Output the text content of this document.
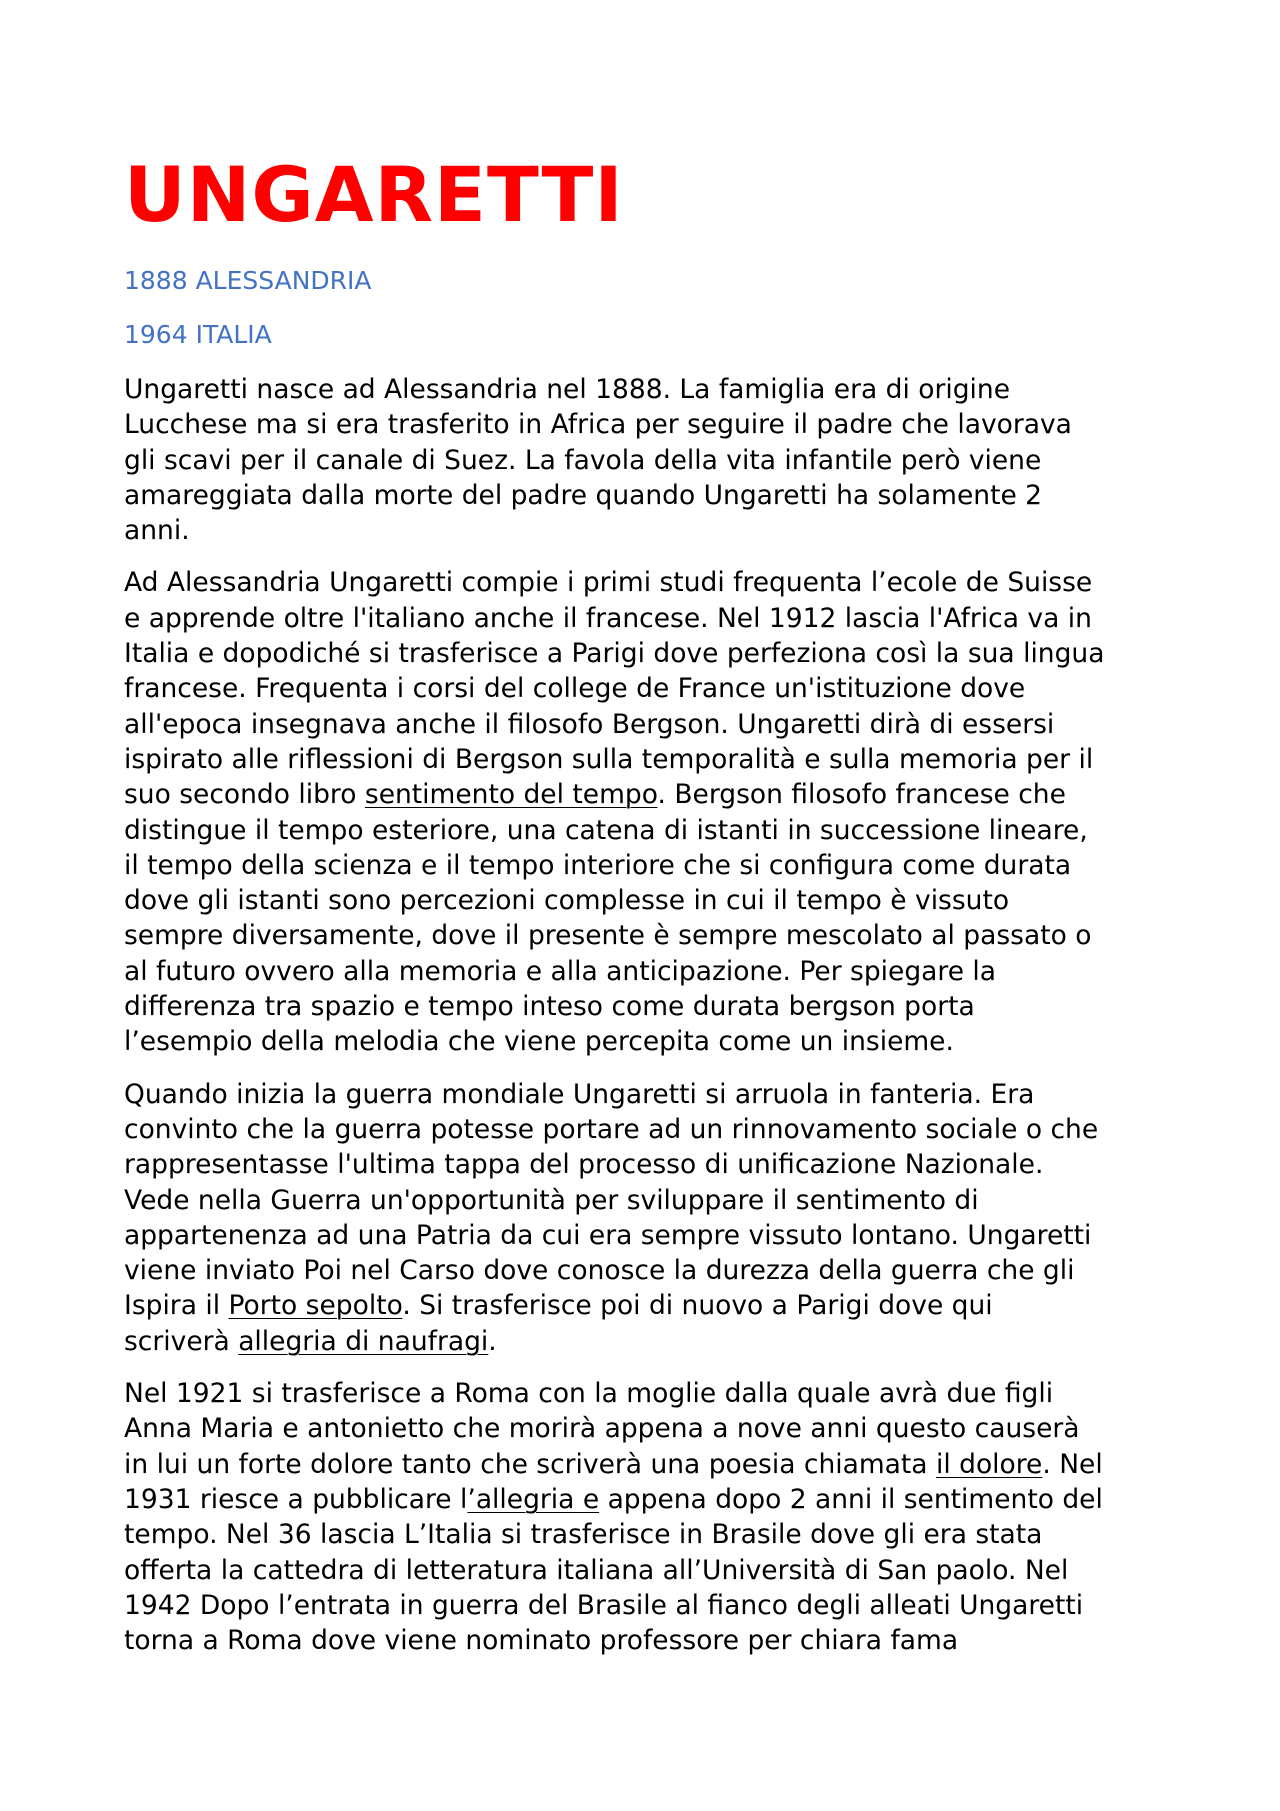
UNGARETTI
1888 ALESSANDRIA
1964 ITALIA

Ungaretti nasce ad Alessandria nel 1888. La famiglia era di origine
Lucchese ma si era trasferito in Africa per seguire il padre che lavorava
gli scavi per il canale di Suez. La favola della vita infantile però viene
amareggiata dalla morte del padre quando Ungaretti ha solamente 2
anni.

Ad Alessandria Ungaretti compie i primi studi frequenta l’ecole de Suisse
e apprende oltre l'italiano anche il francese. Nel 1912 lascia l'Africa va in
Italia e dopodiché si trasferisce a Parigi dove perfeziona così la sua lingua
francese. Frequenta i corsi del college de France un'istituzione dove
all'epoca insegnava anche il filosofo Bergson. Ungaretti dirà di essersi
ispirato alle riflessioni di Bergson sulla temporalità e sulla memoria per il
suo secondo libro sentimento del tempo. Bergson filosofo francese che
distingue il tempo esteriore, una catena di istanti in successione lineare,
il tempo della scienza e il tempo interiore che si configura come durata
dove gli istanti sono percezioni complesse in cui il tempo è vissuto
sempre diversamente, dove il presente è sempre mescolato al passato o
al futuro ovvero alla memoria e alla anticipazione. Per spiegare la
differenza tra spazio e tempo inteso come durata bergson porta
l’esempio della melodia che viene percepita come un insieme.

Quando inizia la guerra mondiale Ungaretti si arruola in fanteria. Era
convinto che la guerra potesse portare ad un rinnovamento sociale o che
rappresentasse l'ultima tappa del processo di unificazione Nazionale.
Vede nella Guerra un'opportunità per sviluppare il sentimento di
appartenenza ad una Patria da cui era sempre vissuto lontano. Ungaretti
viene inviato Poi nel Carso dove conosce la durezza della guerra che gli
Ispira il Porto sepolto. Si trasferisce poi di nuovo a Parigi dove qui
scriverà allegria di naufragi.

Nel 1921 si trasferisce a Roma con la moglie dalla quale avrà due figli
Anna Maria e antonietto che morirà appena a nove anni questo causerà
in lui un forte dolore tanto che scriverà una poesia chiamata il dolore. Nel
1931 riesce a pubblicare l’allegria e appena dopo 2 anni il sentimento del
tempo. Nel 36 lascia L’Italia si trasferisce in Brasile dove gli era stata
offerta la cattedra di letteratura italiana all’Università di San paolo. Nel
1942 Dopo l’entrata in guerra del Brasile al fianco degli alleati Ungaretti
torna a Roma dove viene nominato professore per chiara fama
